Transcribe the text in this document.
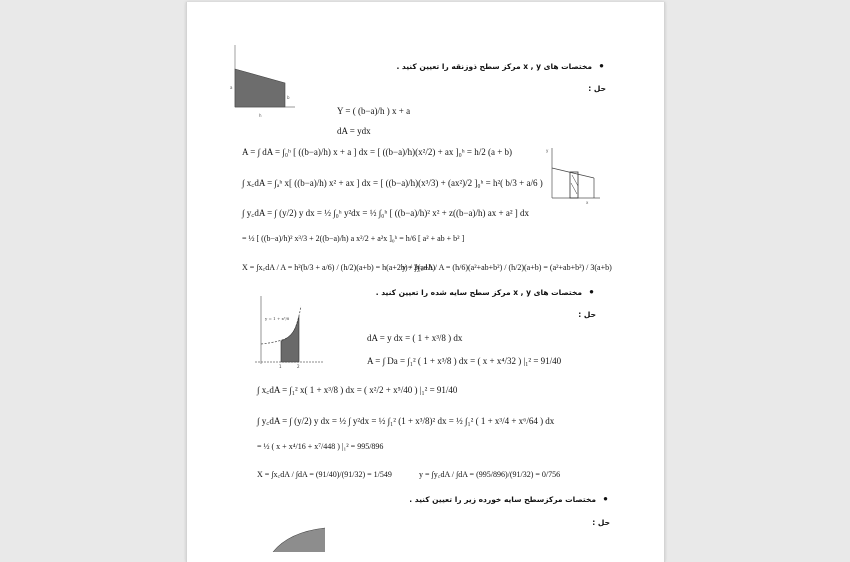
مختصات های x , y مرکز سطح ذوزنقه را تعیین کنید . ●
حل :
b
h
a
Y = ( (b−a)/h ) x + a
dA = ydx
A = ∫ dA = ∫₀ʰ [ ((b−a)/h) x + a ] dx = [ ((b−a)/h)(x²/2) + ax ]₀ʰ = h/2 (a + b)
∫ x꜀dA = ∫ₐʰ x[ ((b−a)/h) x² + ax ] dx = [ ((b−a)/h)(x³/3) + (ax²)/2 ]₀ʰ = h²( b/3 + a/6 )
∫ y꜀dA = ∫ (y/2) y dx = ½ ∫₀ʰ y²dx = ½ ∫₀ʰ [ ((b−a)/h)² x² + z((b−a)/h) ax + a² ] dx
= ½ [ ((b−a)/h)² x³/3 + 2((b−a)/h) a x²/2 + a²x ]₀ʰ = h/6 [ a² + ab + b² ]
X = ∫x꜀dA / A = h²(b/3 + a/6) / (h/2)(a+b) = h(a+2b) / 3(a+b)
y = ∫y꜀dA / A = (h/6)(a²+ab+b²) / (h/2)(a+b) = (a²+ab+b²) / 3(a+b)
y
x
مختصات های x , y مرکز سطح سایه شده را تعیین کنید . ●
حل :
y = 1 + x³/8
1	2
dA = y dx = ( 1 + x³/8 ) dx
A = ∫ Da = ∫₁² ( 1 + x³/8 ) dx = ( x + x⁴/32 ) |₁² = 91/40
∫ x꜀dA = ∫₁² x( 1 + x³/8 ) dx = ( x²/2 + x⁵/40 ) |₁² = 91/40
∫ y꜀dA = ∫ (y/2) y dx = ½ ∫ y²dx = ½ ∫₁² (1 + x³/8)² dx = ½ ∫₁² ( 1 + x³/4 + x⁶/64 ) dx
= ½ ( x + x⁴/16 + x⁷/448 ) |₁² = 995/896
X = ∫x꜀dA / ∫dA = (91/40)/(91/32) = 1/549	y = ∫y꜀dA / ∫dA = (995/896)/(91/32) = 0/756
مختصات مرکزسطح سایه خورده زیر را تعیین کنید . ●
حل :
